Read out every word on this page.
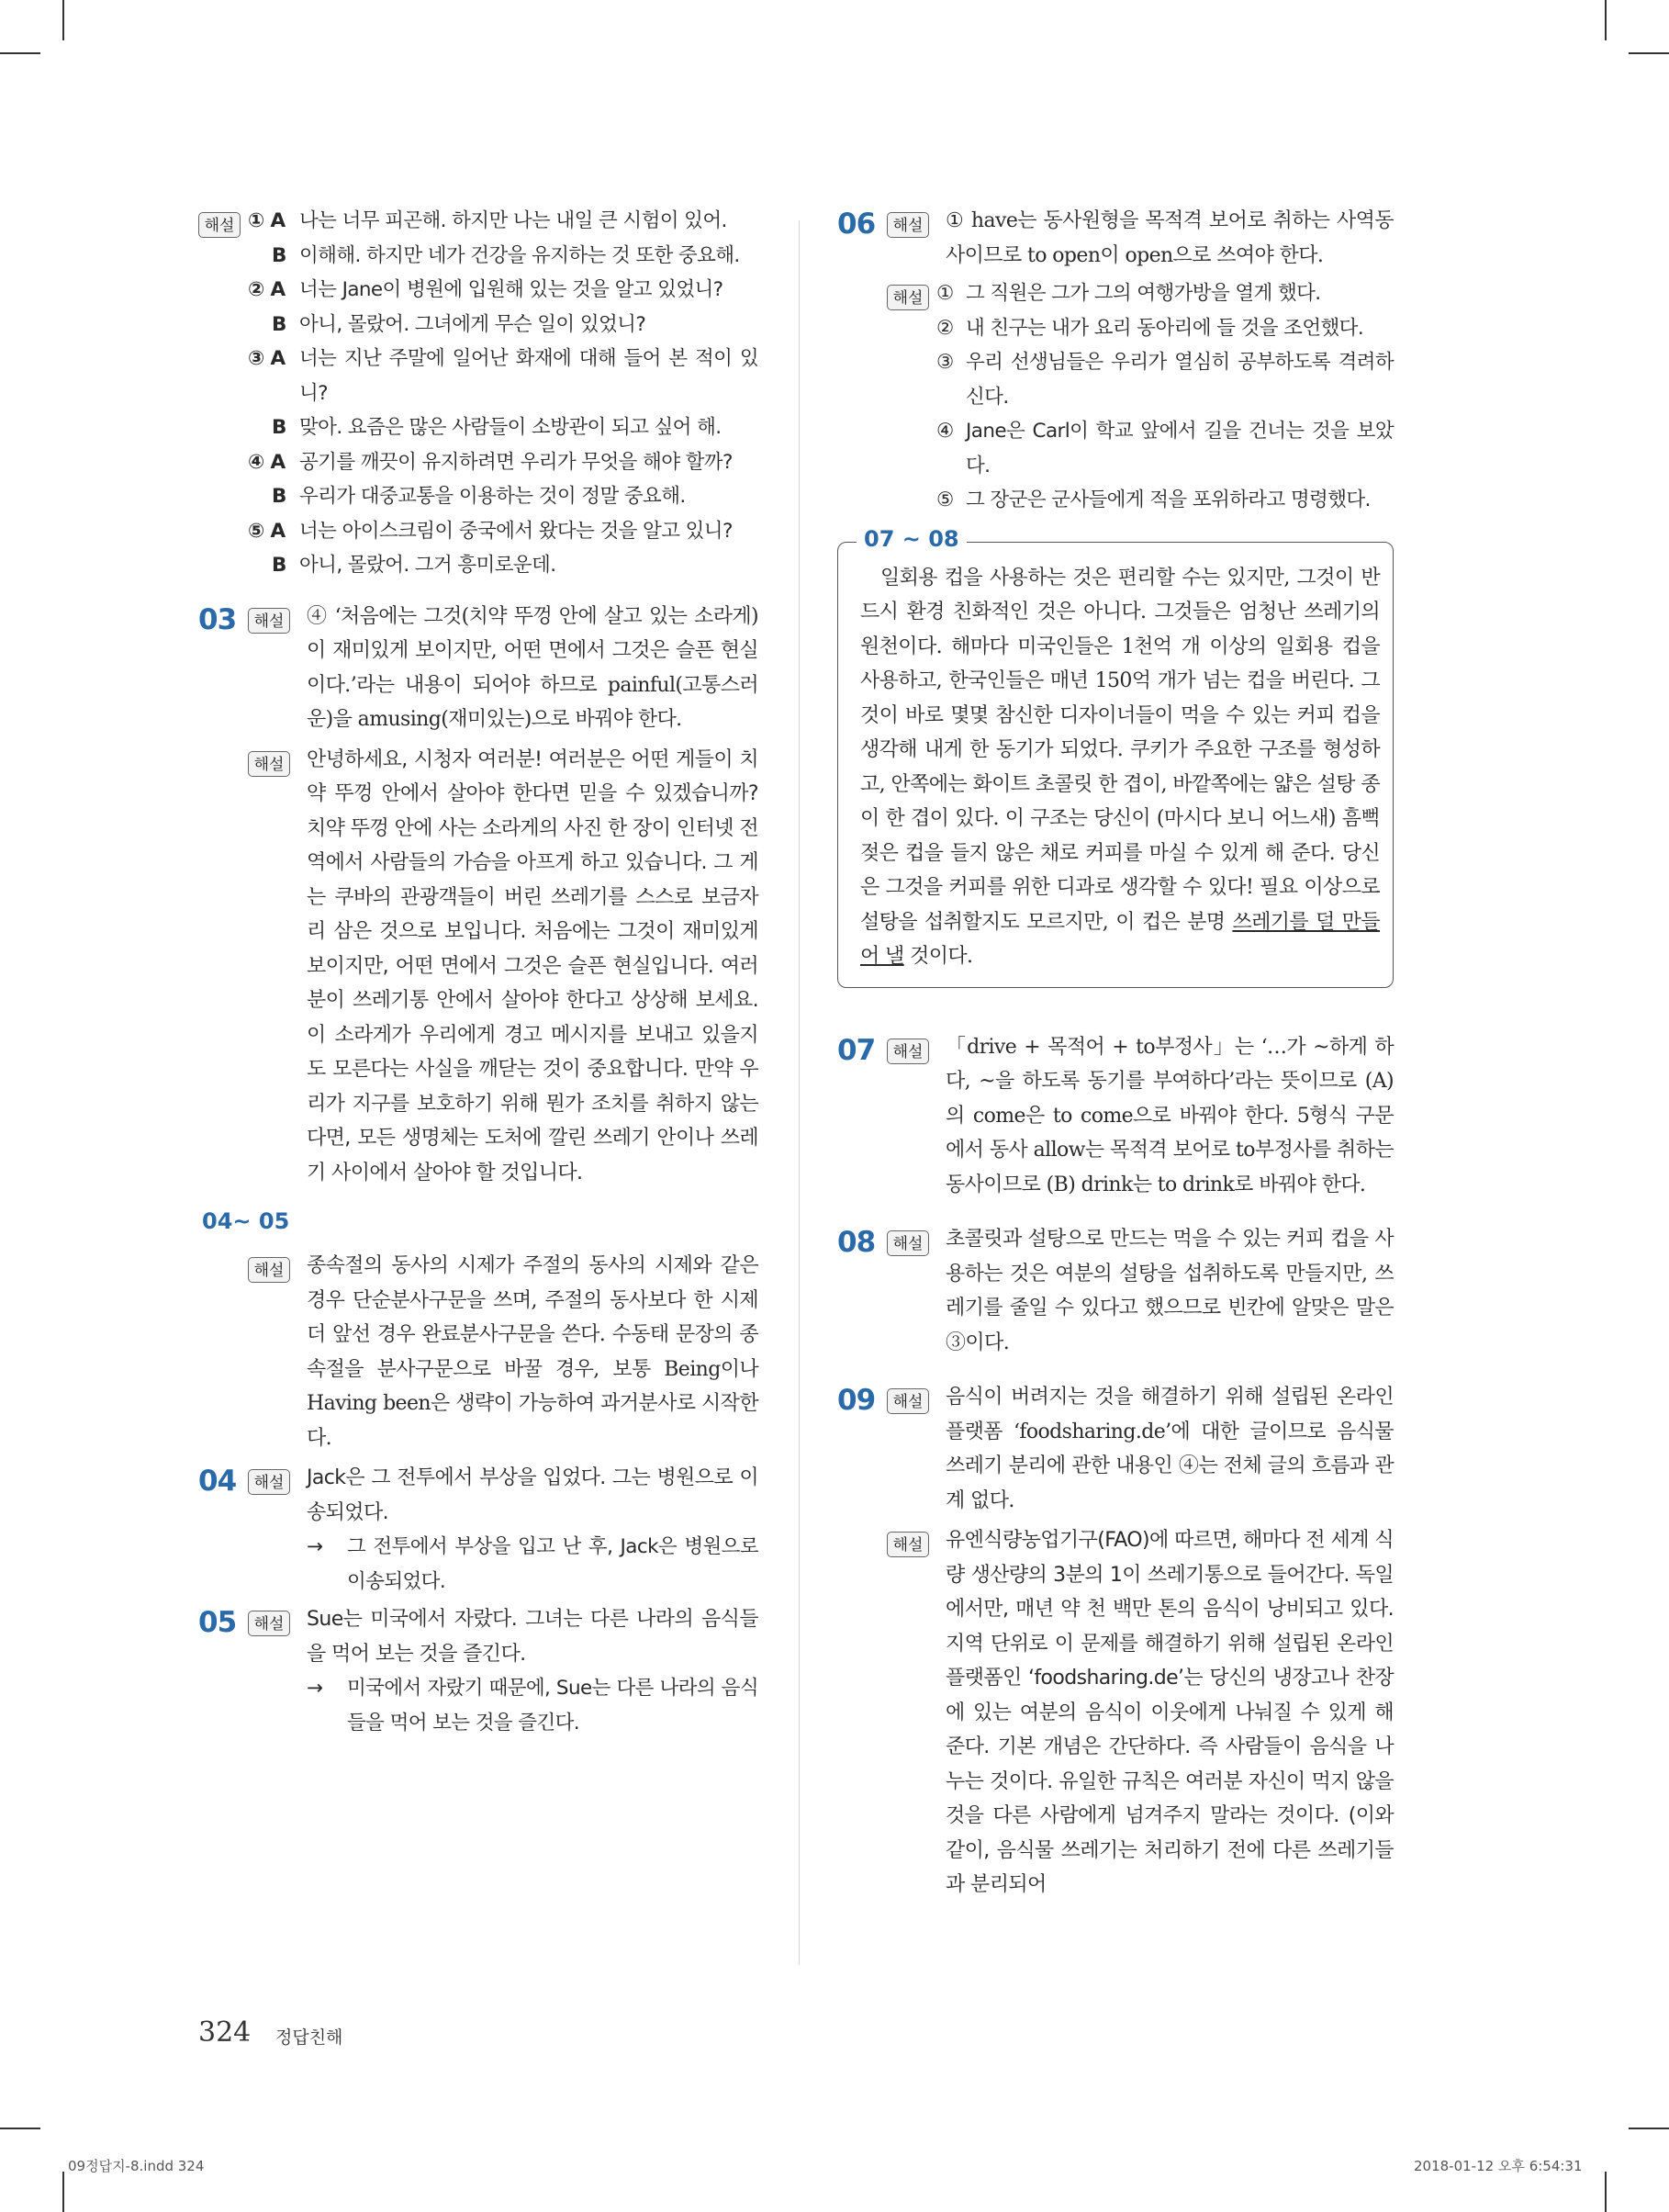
해설 ① A 나는 너무 피곤해. 하지만 나는 내일 큰 시험이 있어.
B 이해해. 하지만 네가 건강을 유지하는 것 또한 중요해.
② A 너는 Jane이 병원에 입원해 있는 것을 알고 있었니?
B 아니, 몰랐어. 그녀에게 무슨 일이 있었니?
③ A 너는 지난 주말에 일어난 화재에 대해 들어 본 적이 있니?
B 맞아. 요즘은 많은 사람들이 소방관이 되고 싶어 해.
④ A 공기를 깨끗이 유지하려면 우리가 무엇을 해야 할까?
B 우리가 대중교통을 이용하는 것이 정말 중요해.
⑤ A 너는 아이스크림이 중국에서 왔다는 것을 알고 있니?
B 아니, 몰랐어. 그거 흥미로운데.
03	해설 ④ ‘처음에는 그것(치약 뚜껑 안에 살고 있는 소라게)이 재미있게 보이지만, 어떤 면에서 그것은 슬픈 현실이다.’라는 내용이 되어야 하므로 painful(고통스러운)을 amusing(재미있는)으로 바꿔야 한다.
해설 안녕하세요, 시청자 여러분! 여러분은 어떤 게들이 치약 뚜껑 안에서 살아야 한다면 믿을 수 있겠습니까? 치약 뚜껑 안에 사는 소라게의 사진 한 장이 인터넷 전역에서 사람들의 가슴을 아프게 하고 있습니다. 그 게는 쿠바의 관광객들이 버린 쓰레기를 스스로 보금자리 삼은 것으로 보입니다. 처음에는 그것이 재미있게 보이지만, 어떤 면에서 그것은 슬픈 현실입니다. 여러분이 쓰레기통 안에서 살아야 한다고 상상해 보세요. 이 소라게가 우리에게 경고 메시지를 보내고 있을지도 모른다는 사실을 깨닫는 것이 중요합니다. 만약 우리가 지구를 보호하기 위해 뭔가 조치를 취하지 않는다면, 모든 생명체는 도처에 깔린 쓰레기 안이나 쓰레기 사이에서 살아야 할 것입니다.
04~ 05
해설 종속절의 동사의 시제가 주절의 동사의 시제와 같은 경우 단순분사구문을 쓰며, 주절의 동사보다 한 시제 더 앞선 경우 완료분사구문을 쓴다. 수동태 문장의 종속절을 분사구문으로 바꿀 경우, 보통 Being이나 Having been은 생략이 가능하여 과거분사로 시작한다.
04	해설 Jack은 그 전투에서 부상을 입었다. 그는 병원으로 이송되었다.
→ 그 전투에서 부상을 입고 난 후, Jack은 병원으로 이송되었다.
05	해설 Sue는 미국에서 자랐다. 그녀는 다른 나라의 음식들을 먹어 보는 것을 즐긴다.
→ 미국에서 자랐기 때문에, Sue는 다른 나라의 음식들을 먹어 보는 것을 즐긴다.
06	해설 ① have는 동사원형을 목적격 보어로 취하는 사역동사이므로 to open이 open으로 쓰여야 한다.
해설 ① 그 직원은 그가 그의 여행가방을 열게 했다.
② 내 친구는 내가 요리 동아리에 들 것을 조언했다.
③ 우리 선생님들은 우리가 열심히 공부하도록 격려하신다.
④ Jane은 Carl이 학교 앞에서 길을 건너는 것을 보았다.
⑤ 그 장군은 군사들에게 적을 포위하라고 명령했다.
07 ~ 08
일회용 컵을 사용하는 것은 편리할 수는 있지만, 그것이 반드시 환경 친화적인 것은 아니다. 그것들은 엄청난 쓰레기의 원천이다. 해마다 미국인들은 1천억 개 이상의 일회용 컵을 사용하고, 한국인들은 매년 150억 개가 넘는 컵을 버린다. 그것이 바로 몇몇 참신한 디자이너들이 먹을 수 있는 커피 컵을 생각해 내게 한 동기가 되었다. 쿠키가 주요한 구조를 형성하고, 안쪽에는 화이트 초콜릿 한 겹이, 바깥쪽에는 얇은 설탕 종이 한 겹이 있다. 이 구조는 당신이 (마시다 보니 어느새) 흠뻑 젖은 컵을 들지 않은 채로 커피를 마실 수 있게 해 준다. 당신은 그것을 커피를 위한 디과로 생각할 수 있다! 필요 이상으로 설탕을 섭취할지도 모르지만, 이 컵은 분명 쓰레기를 덜 만들어 낼 것이다.
07	해설 「drive + 목적어 + to부정사」는 ‘…가 ~하게 하다, ~을 하도록 동기를 부여하다’라는 뜻이므로 (A)의 come은 to come으로 바꿔야 한다. 5형식 구문에서 동사 allow는 목적격 보어로 to부정사를 취하는 동사이므로 (B) drink는 to drink로 바꿔야 한다.
08	해설 초콜릿과 설탕으로 만드는 먹을 수 있는 커피 컵을 사용하는 것은 여분의 설탕을 섭취하도록 만들지만, 쓰레기를 줄일 수 있다고 했으므로 빈칸에 알맞은 말은 ③이다.
09	해설 음식이 버려지는 것을 해결하기 위해 설립된 온라인 플랫폼 ‘foodsharing.de’에 대한 글이므로 음식물 쓰레기 분리에 관한 내용인 ④는 전체 글의 흐름과 관계 없다.
해설 유엔식량농업기구(FAO)에 따르면, 해마다 전 세계 식량 생산량의 3분의 1이 쓰레기통으로 들어간다. 독일에서만, 매년 약 천 백만 톤의 음식이 낭비되고 있다. 지역 단위로 이 문제를 해결하기 위해 설립된 온라인 플랫폼인 ‘foodsharing.de’는 당신의 냉장고나 찬장에 있는 여분의 음식이 이웃에게 나눠질 수 있게 해 준다. 기본 개념은 간단하다. 즉 사람들이 음식을 나누는 것이다. 유일한 규칙은 여러분 자신이 먹지 않을 것을 다른 사람에게 넘겨주지 말라는 것이다. (이와 같이, 음식물 쓰레기는 처리하기 전에 다른 쓰레기들과 분리되어
324 정답친해
09정답지-8.indd 324	2018-01-12 오후 6:54:31
